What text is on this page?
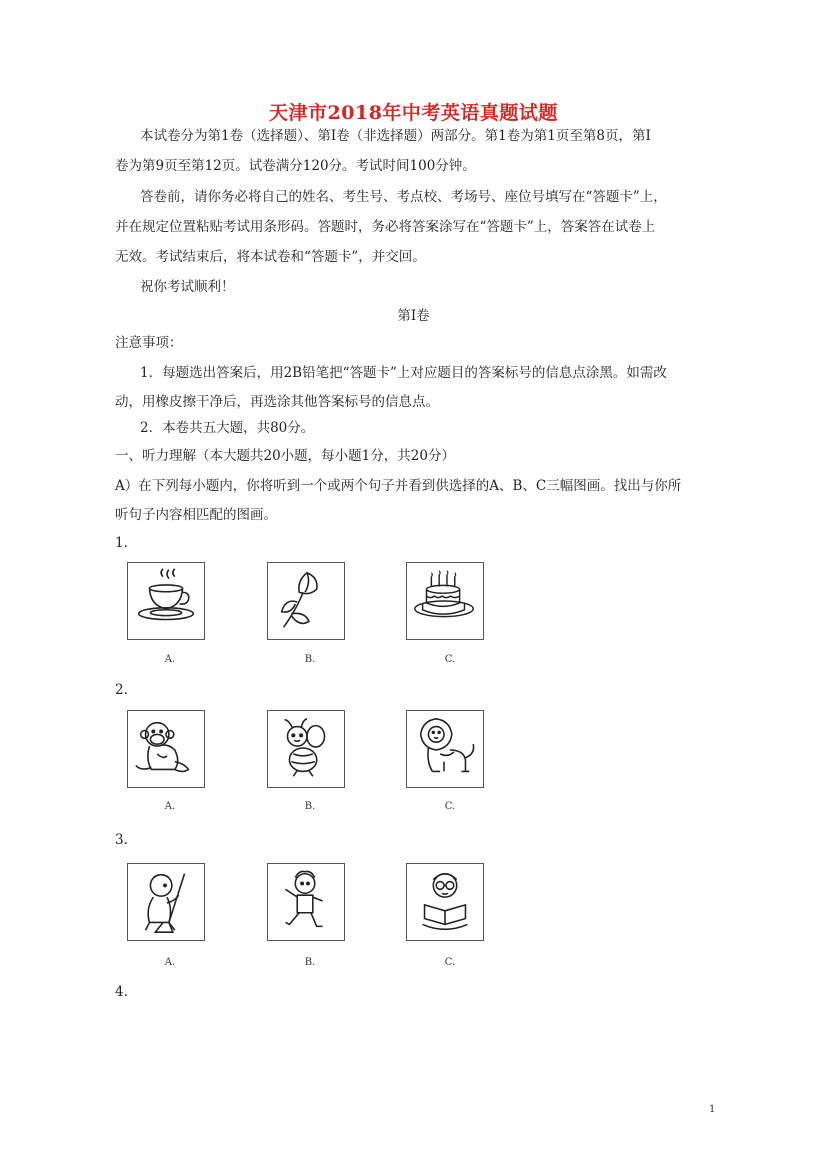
天津市2018年中考英语真题试题
本试卷分为第1卷（选择题）、第I卷（非选择题）两部分。第1卷为第1页至第8页，第I
卷为第9页至第12页。试卷满分120分。考试时间100分钟。
答卷前，请你务必将自己的姓名、考生号、考点校、考场号、座位号填写在“答题卡”上，
并在规定位置粘贴考试用条形码。答题时，务必将答案涂写在“答题卡”上，答案答在试卷上
无效。考试结束后，将本试卷和“答题卡”，并交回。
祝你考试顺利！
第I卷
注意事项：
1．每题选出答案后，用2B铅笔把“答题卡”上对应题目的答案标号的信息点涂黑。如需改
动，用橡皮擦干净后，再选涂其他答案标号的信息点。
2．本卷共五大题，共80分。
一、听力理解（本大题共20小题，每小题1分，共20分）
A）在下列每小题内，你将听到一个或两个句子并看到供选择的A、B、C三幅图画。找出与你所
听句子内容相匹配的图画。
1.
A.	B.	C.
2.
A.	B.	C.
3.
A.	B.	C.
4.
1
